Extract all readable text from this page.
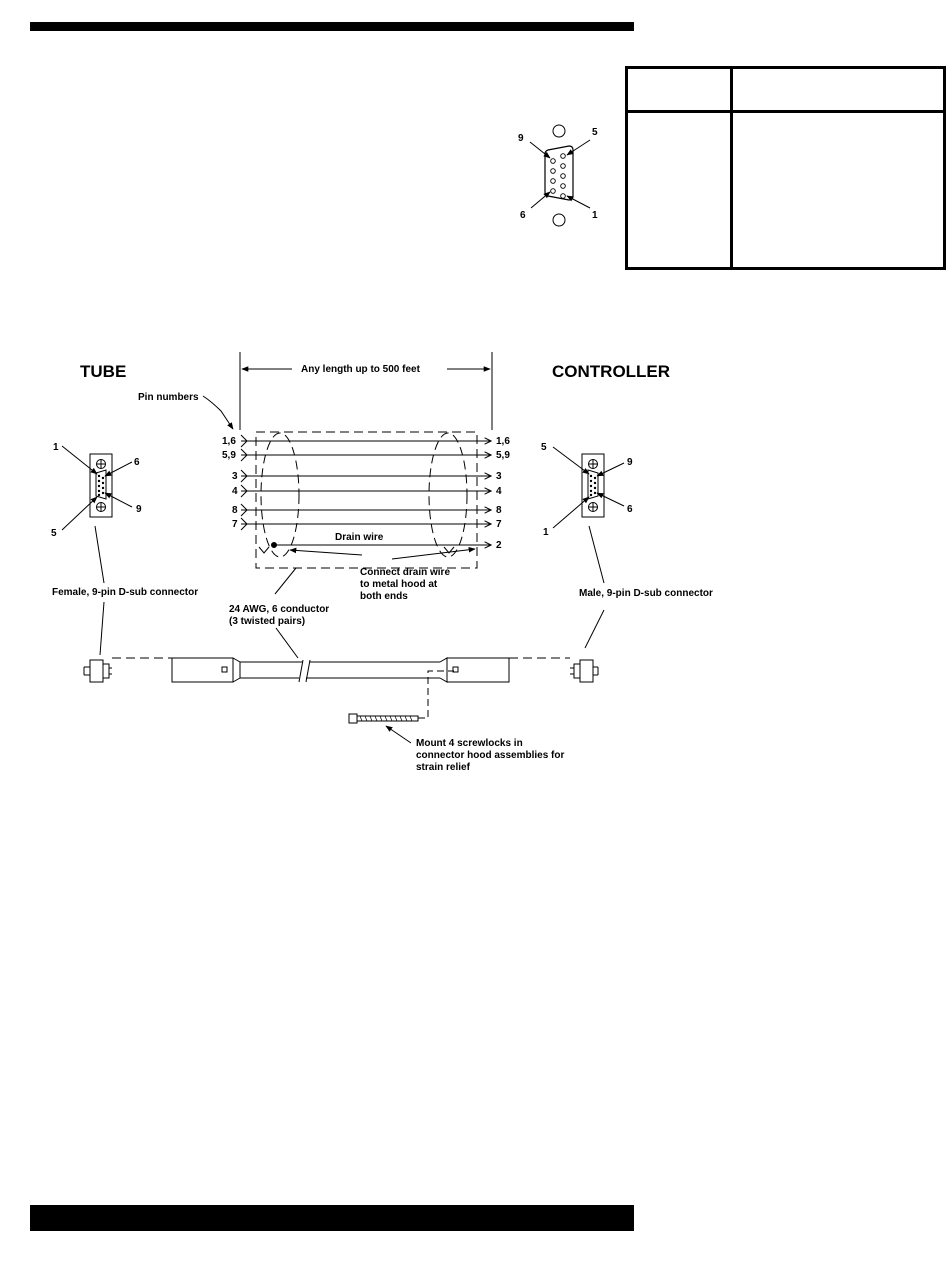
9
5
6	1
TUBE	CONTROLLER
Any length up to 500 feet
Pin numbers
1,6	1,6
5,9	5,9
3	3
4	4
8	8
7	7
Drain wire
2
Connect drain wire
to metal hood at
both ends
1
6
9
5
Female, 9-pin D-sub connector
5
9
6
1
Male, 9-pin D-sub connector
24 AWG, 6 conductor
(3 twisted pairs)
Mount 4 screwlocks in
connector hood assemblies for
strain relief
